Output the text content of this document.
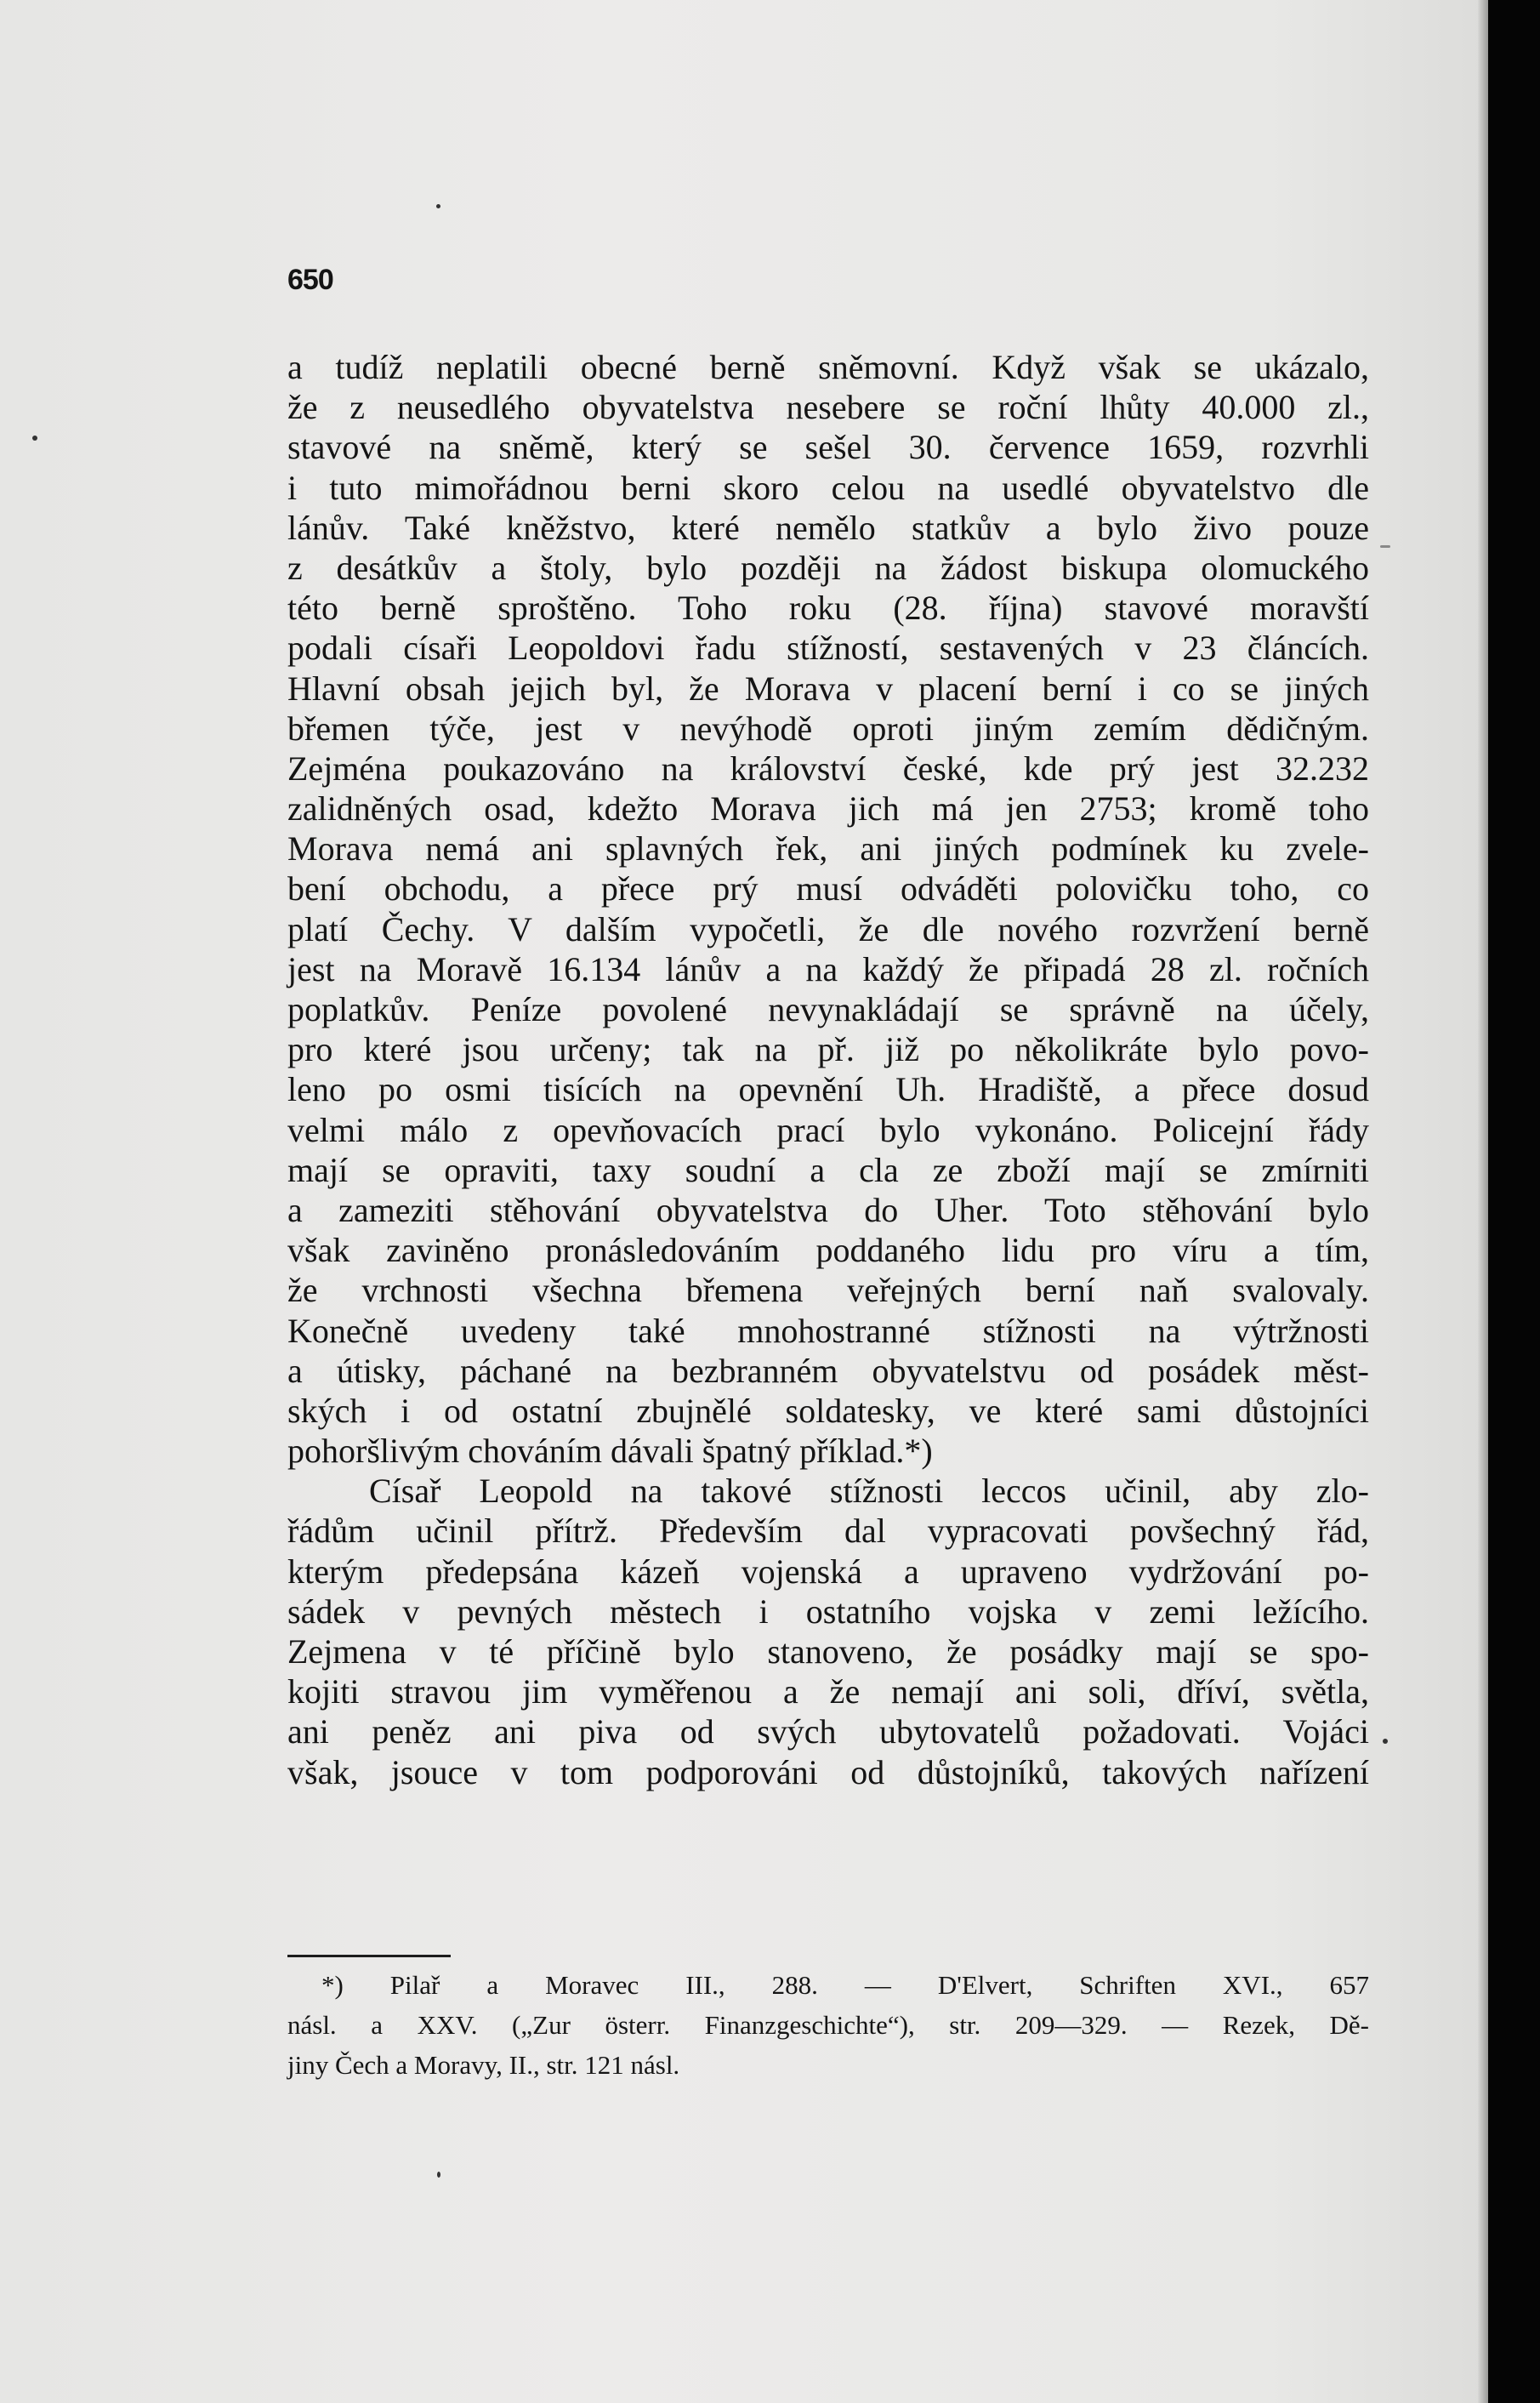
650

a tudíž neplatili obecné berně sněmovní. Když však se ukázalo,
že z neusedlého obyvatelstva nesebere se roční lhůty 40.000 zl.,
stavové na sněmě, který se sešel 30. července 1659, rozvrhli
i tuto mimořádnou berni skoro celou na usedlé obyvatelstvo dle
lánův. Také kněžstvo, které nemělo statkův a bylo živo pouze
z desátkův a štoly, bylo později na žádost biskupa olomuckého
této berně sproštěno. Toho roku (28. října) stavové moravští
podali císaři Leopoldovi řadu stížností, sestavených v 23 článcích.
Hlavní obsah jejich byl, že Morava v placení berní i co se jiných
břemen týče, jest v nevýhodě oproti jiným zemím dědičným.
Zejména poukazováno na království české, kde prý jest 32.232
zalidněných osad, kdežto Morava jich má jen 2753; kromě toho
Morava nemá ani splavných řek, ani jiných podmínek ku zvele-
bení obchodu, a přece prý musí odváděti polovičku toho, co
platí Čechy. V dalším vypočetli, že dle nového rozvržení berně
jest na Moravě 16.134 lánův a na každý že připadá 28 zl. ročních
poplatkův. Peníze povolené nevynakládají se správně na účely,
pro které jsou určeny; tak na př. již po několikráte bylo povo-
leno po osmi tisících na opevnění Uh. Hradiště, a přece dosud
velmi málo z opevňovacích prací bylo vykonáno. Policejní řády
mají se opraviti, taxy soudní a cla ze zboží mají se zmírniti
a zameziti stěhování obyvatelstva do Uher. Toto stěhování bylo
však zaviněno pronásledováním poddaného lidu pro víru a tím,
že vrchnosti všechna břemena veřejných berní naň svalovaly.
Konečně uvedeny také mnohostranné stížnosti na výtržnosti
a útisky, páchané na bezbranném obyvatelstvu od posádek měst-
ských i od ostatní zbujnělé soldatesky, ve které sami důstojníci
pohoršlivým chováním dávali špatný příklad.*)
Císař Leopold na takové stížnosti leccos učinil, aby zlo-
řádům učinil přítrž. Především dal vypracovati povšechný řád,
kterým předepsána kázeň vojenská a upraveno vydržování po-
sádek v pevných městech i ostatního vojska v zemi ležícího.
Zejmena v té příčině bylo stanoveno, že posádky mají se spo-
kojiti stravou jim vyměřenou a že nemají ani soli, dříví, světla,
ani peněz ani piva od svých ubytovatelů požadovati. Vojáci
však, jsouce v tom podporováni od důstojníků, takových nařízení
*) Pilař a Moravec III., 288. — D'Elvert, Schriften XVI., 657
násl. a XXV. („Zur österr. Finanzgeschichte“), str. 209—329. — Rezek, Dě-
jiny Čech a Moravy, II., str. 121 násl.
